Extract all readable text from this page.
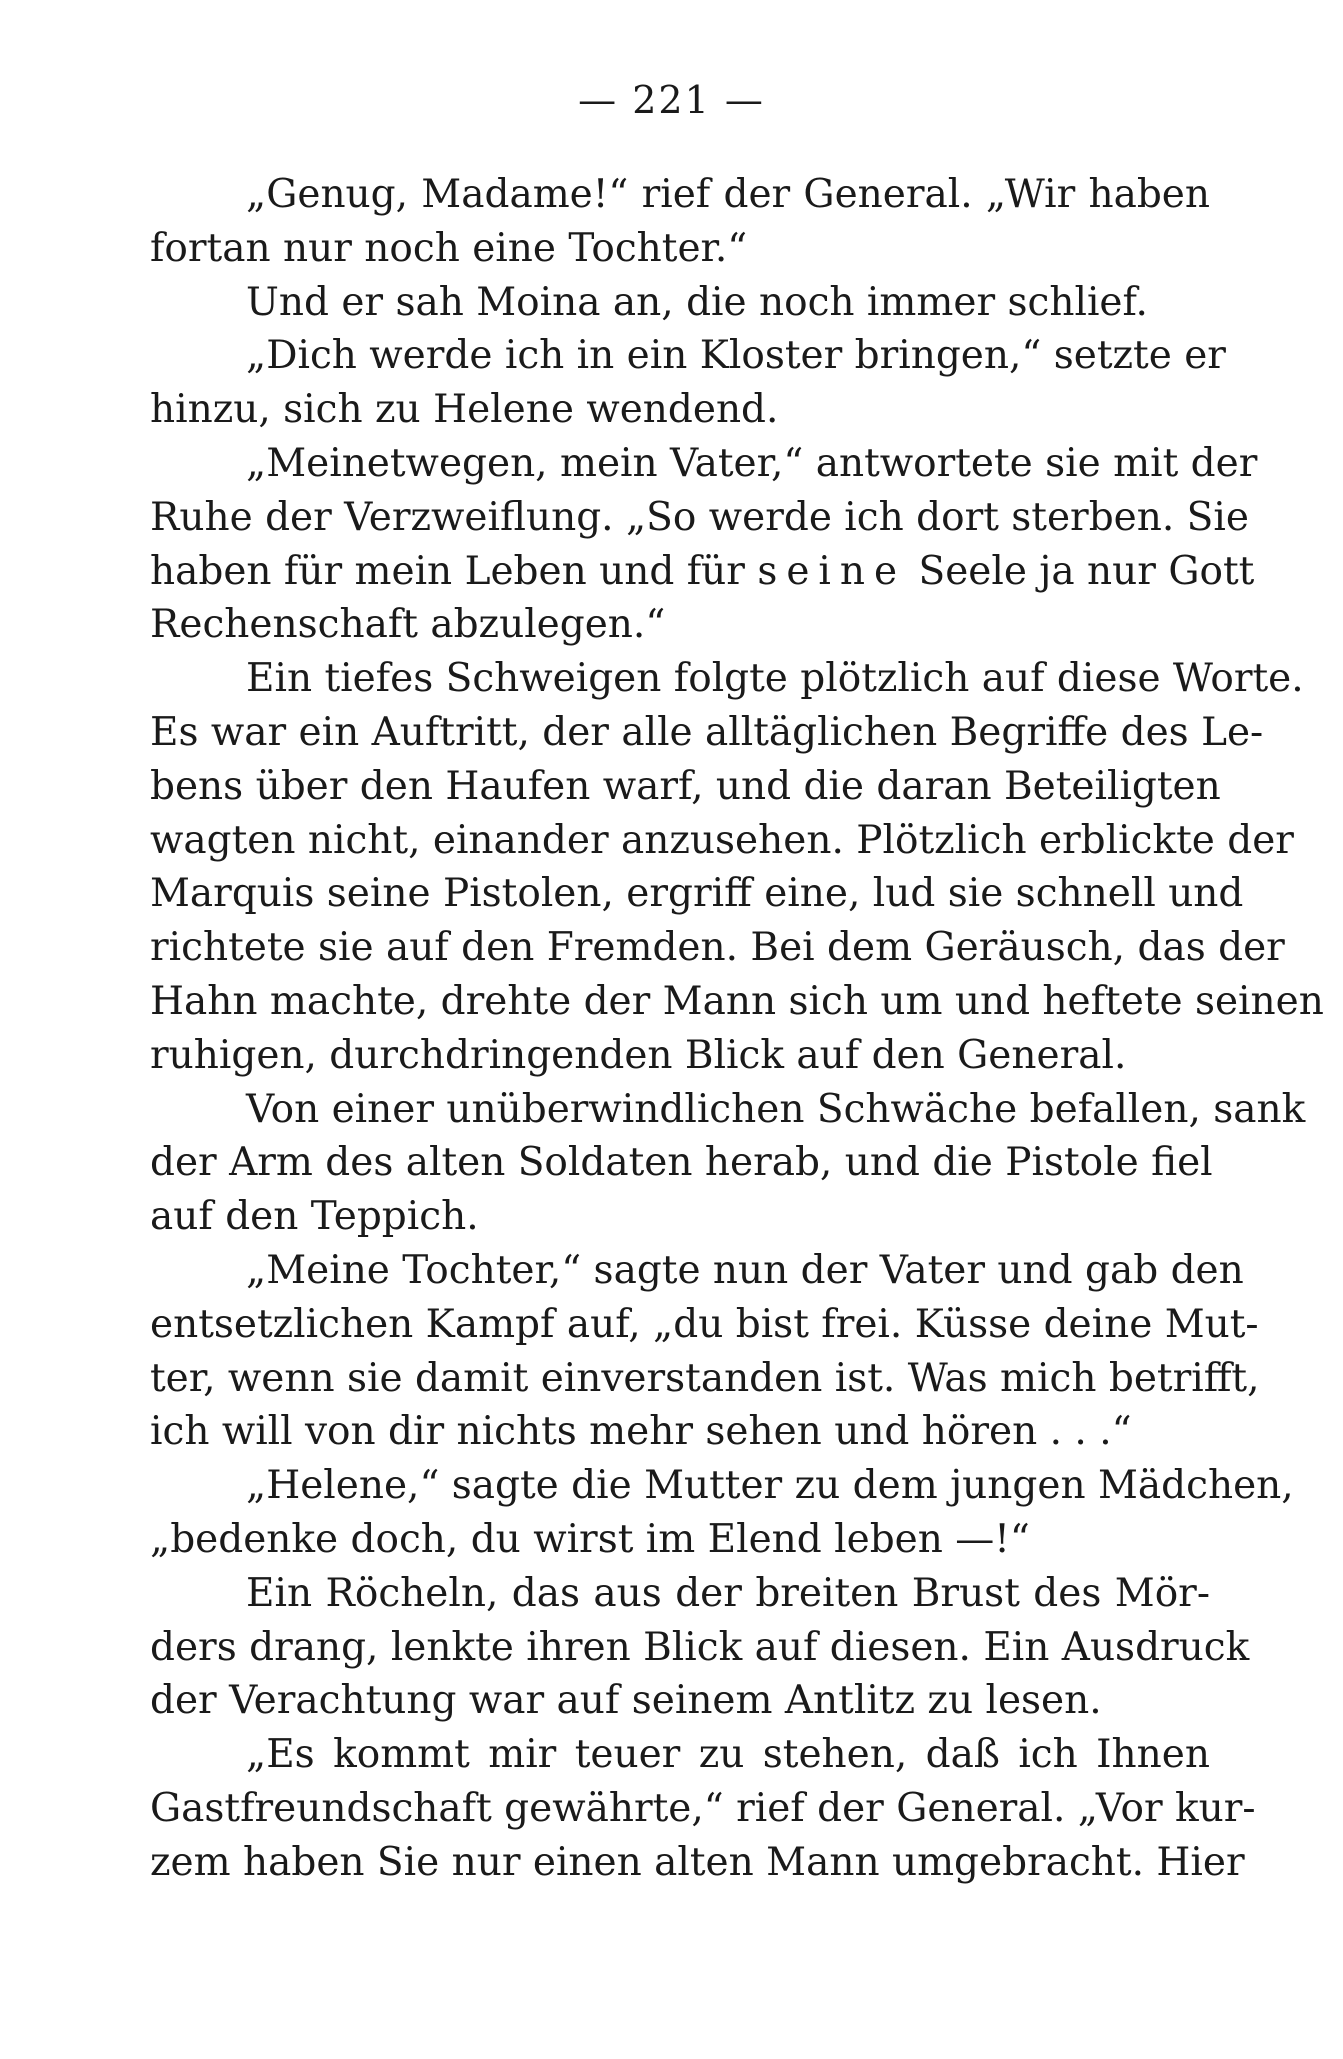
— 221 —
„Genug, Madame!“ rief der General. „Wir haben
fortan nur noch eine Tochter.“
Und er sah Moina an, die noch immer schlief.
„Dich werde ich in ein Kloster bringen,“ setzte er
hinzu, sich zu Helene wendend.
„Meinetwegen, mein Vater,“ antwortete sie mit der
Ruhe der Verzweiflung. „So werde ich dort sterben. Sie
haben für mein Leben und für seine Seele ja nur Gott
Rechenschaft abzulegen.“
Ein tiefes Schweigen folgte plötzlich auf diese Worte.
Es war ein Auftritt, der alle alltäglichen Begriffe des Le-
bens über den Haufen warf, und die daran Beteiligten
wagten nicht, einander anzusehen. Plötzlich erblickte der
Marquis seine Pistolen, ergriff eine, lud sie schnell und
richtete sie auf den Fremden. Bei dem Geräusch, das der
Hahn machte, drehte der Mann sich um und heftete seinen
ruhigen, durchdringenden Blick auf den General.
Von einer unüberwindlichen Schwäche befallen, sank
der Arm des alten Soldaten herab, und die Pistole fiel
auf den Teppich.
„Meine Tochter,“ sagte nun der Vater und gab den
entsetzlichen Kampf auf, „du bist frei. Küsse deine Mut-
ter, wenn sie damit einverstanden ist. Was mich betrifft,
ich will von dir nichts mehr sehen und hören . . .“
„Helene,“ sagte die Mutter zu dem jungen Mädchen,
„bedenke doch, du wirst im Elend leben —!“
Ein Röcheln, das aus der breiten Brust des Mör-
ders drang, lenkte ihren Blick auf diesen. Ein Ausdruck
der Verachtung war auf seinem Antlitz zu lesen.
„Es kommt mir teuer zu stehen, daß ich Ihnen
Gastfreundschaft gewährte,“ rief der General. „Vor kur-
zem haben Sie nur einen alten Mann umgebracht. Hier
